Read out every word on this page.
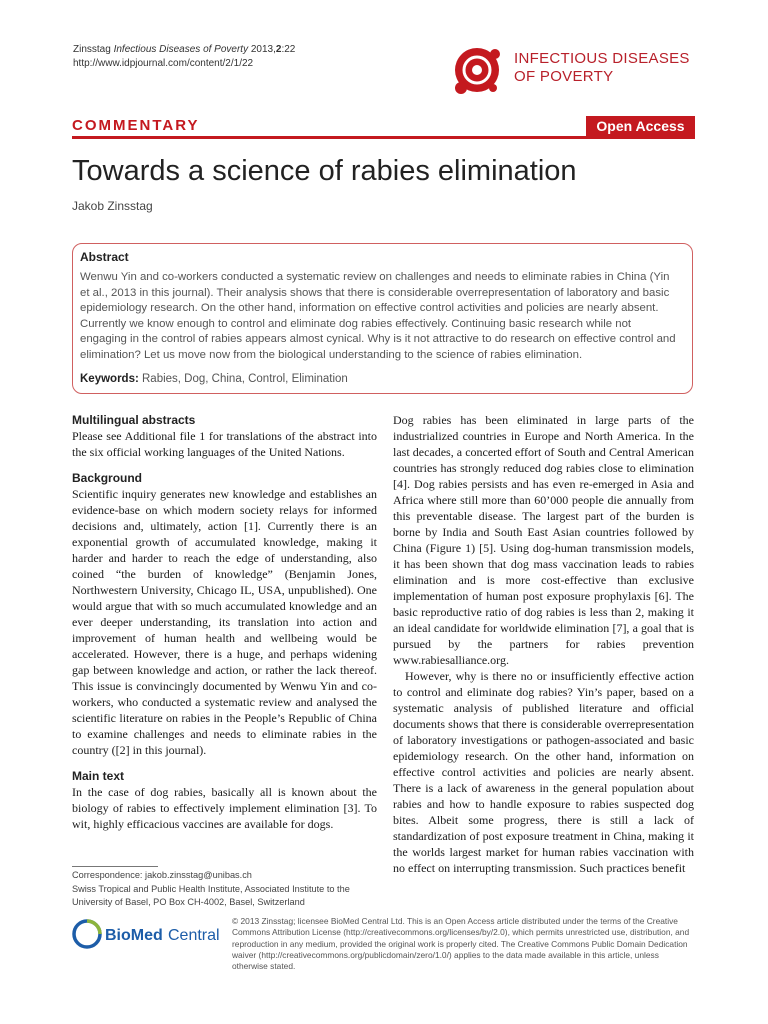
Zinsstag Infectious Diseases of Poverty 2013,2:22
http://www.idpjournal.com/content/2/1/22	INFECTIOUS DISEASES
OF POVERTY
COMMENTARY	Open Access
Towards a science of rabies elimination
Jakob Zinsstag
Abstract
Wenwu Yin and co-workers conducted a systematic review on challenges and needs to eliminate rabies in China (Yin et al., 2013 in this journal). Their analysis shows that there is considerable overrepresentation of laboratory and basic epidemiology research. On the other hand, information on effective control activities and policies are nearly absent. Currently we know enough to control and eliminate dog rabies effectively. Continuing basic research while not engaging in the control of rabies appears almost cynical. Why is it not attractive to do research on effective control and elimination? Let us move now from the biological understanding to the science of rabies elimination.
Keywords: Rabies, Dog, China, Control, Elimination
Multilingual abstracts

Please see Additional file 1 for translations of the abstract into the six official working languages of the United Nations.

Background

Scientific inquiry generates new knowledge and establishes an evidence-base on which modern society relays for informed decisions and, ultimately, action [1]. Currently there is an exponential growth of accumulated knowledge, making it harder and harder to reach the edge of understanding, also coined “the burden of knowledge” (Benjamin Jones, Northwestern University, Chicago IL, USA, unpublished). One would argue that with so much accumulated knowledge and an ever deeper understanding, its translation into action and improvement of human health and wellbeing would be accelerated. However, there is a huge, and perhaps widening gap between knowledge and action, or rather the lack thereof. This issue is convincingly documented by Wenwu Yin and co-workers, who conducted a systematic review and analysed the scientific literature on rabies in the People’s Republic of China to examine challenges and needs to eliminate rabies in the country ([2] in this journal).

Main text

In the case of dog rabies, basically all is known about the biology of rabies to effectively implement elimination [3]. To wit, highly efficacious vaccines are available for dogs.

Dog rabies has been eliminated in large parts of the industrialized countries in Europe and North America. In the last decades, a concerted effort of South and Central American countries has strongly reduced dog rabies close to elimination [4]. Dog rabies persists and has even re-emerged in Asia and Africa where still more than 60’000 people die annually from this preventable disease. The largest part of the burden is borne by India and South East Asian countries followed by China (Figure 1) [5]. Using dog-human transmission models, it has been shown that dog mass vaccination leads to rabies elimination and is more cost-effective than exclusive implementation of human post exposure prophylaxis [6]. The basic reproductive ratio of dog rabies is less than 2, making it an ideal candidate for worldwide elimination [7], a goal that is pursued by the partners for rabies prevention www.rabiesalliance.org.

However, why is there no or insufficiently effective action to control and eliminate dog rabies? Yin’s paper, based on a systematic analysis of published literature and official documents shows that there is considerable overrepresentation of laboratory investigations or pathogen-associated and basic epidemiology research. On the other hand, information on effective control activities and policies are nearly absent. There is a lack of awareness in the general population about rabies and how to handle exposure to rabies suspected dog bites. Albeit some progress, there is still a lack of standardization of post exposure treatment in China, making it the worlds largest market for human rabies vaccination with no effect on interrupting transmission. Such practices benefit

Correspondence: jakob.zinsstag@unibas.ch
Swiss Tropical and Public Health Institute, Associated Institute to the University of Basel, PO Box CH-4002, Basel, Switzerland
BioMed Central
© 2013 Zinsstag; licensee BioMed Central Ltd. This is an Open Access article distributed under the terms of the Creative Commons Attribution License (http://creativecommons.org/licenses/by/2.0), which permits unrestricted use, distribution, and reproduction in any medium, provided the original work is properly cited. The Creative Commons Public Domain Dedication waiver (http://creativecommons.org/publicdomain/zero/1.0/) applies to the data made available in this article, unless otherwise stated.
